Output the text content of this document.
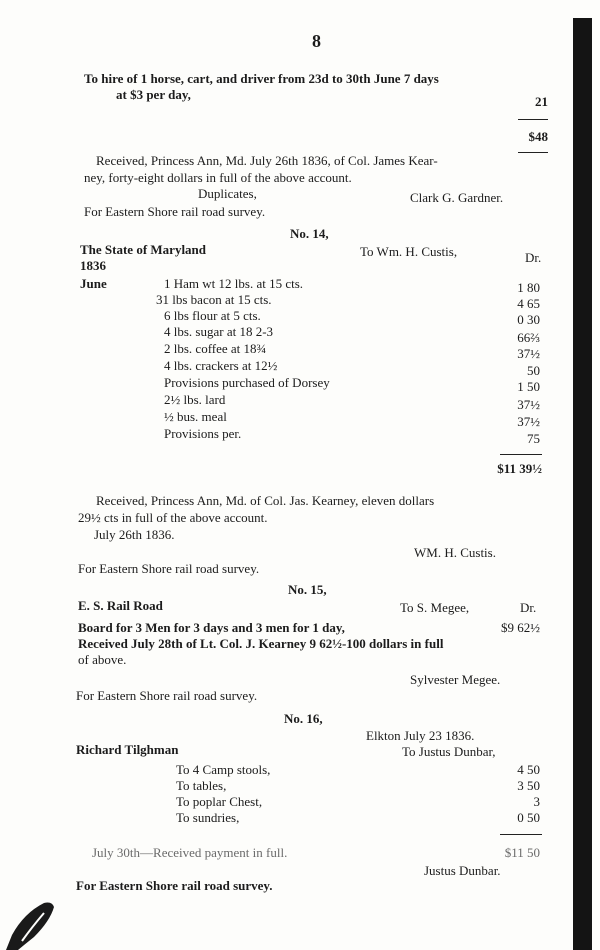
8
To hire of 1 horse, cart, and driver from 23d to 30th June 7 days
at $3 per day,	21
$48
Received, Princess Ann, Md. July 26th 1836, of Col. James Kear-
ney, forty-eight dollars in full of the above account.
Duplicates,	Clark G. Gardner.
For Eastern Shore rail road survey.
No. 14,
The State of Maryland	To Wm. H. Custis,	Dr.
1836
June	1 Ham wt 12 lbs. at 15 cts.	1 80
31 lbs bacon at 15 cts.	4 65
6 lbs flour at 5 cts.	0 30
4 lbs. sugar at 18 2-3	66⅔
2 lbs. coffee at 18¾	37½
4 lbs. crackers at 12½	50
Provisions purchased of Dorsey	1 50
2½ lbs. lard	37½
½ bus. meal	37½
Provisions per.	75
$11 39½
Received, Princess Ann, Md. of Col. Jas. Kearney, eleven dollars
29½ cts in full of the above account.
July 26th 1836.
WM. H. Custis.
For Eastern Shore rail road survey.
No. 15,
E. S. Rail Road	To S. Megee,	Dr.
Board for 3 Men for 3 days and 3 men for 1 day,	$9 62½
Received July 28th of Lt. Col. J. Kearney 9 62½-100 dollars in full
of above.
Sylvester Megee.
For Eastern Shore rail road survey.
No. 16,
Elkton July 23 1836.
Richard Tilghman	To Justus Dunbar,
To 4 Camp stools,	4 50
To tables,	3 50
To poplar Chest,	3
To sundries,	0 50
July 30th—Received payment in full.	$11 50
Justus Dunbar.
For Eastern Shore rail road survey.
